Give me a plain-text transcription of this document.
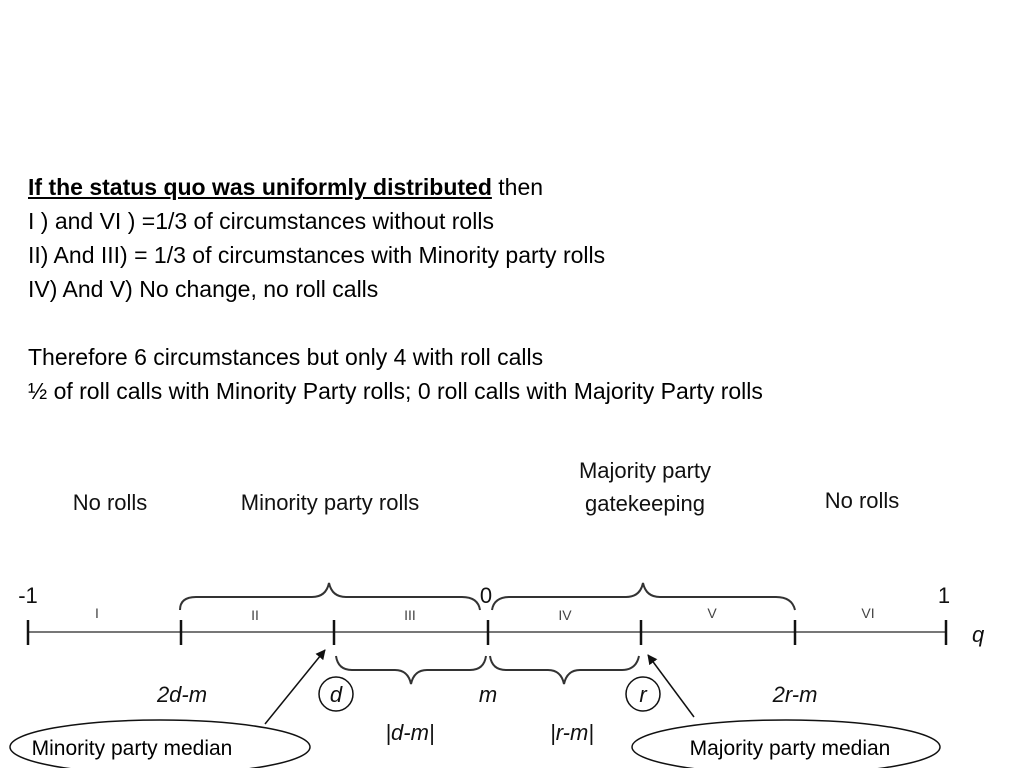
If the status quo was uniformly distributed then
I ) and VI ) =1/3 of circumstances without rolls
II) And III) = 1/3 of circumstances with Minority party rolls
IV) And V) No change, no roll calls
Therefore 6 circumstances but only 4 with roll calls
½ of roll calls with Minority Party rolls; 0 roll calls with Majority Party rolls
No rolls	Minority party rolls
Majority party
gatekeeping	No rolls
-1	0	1
q
I	II	III	IV	V	VI
2d-m	d	m	r	2r-m
|d-m|	|r-m|
Minority party median	Majority party median
